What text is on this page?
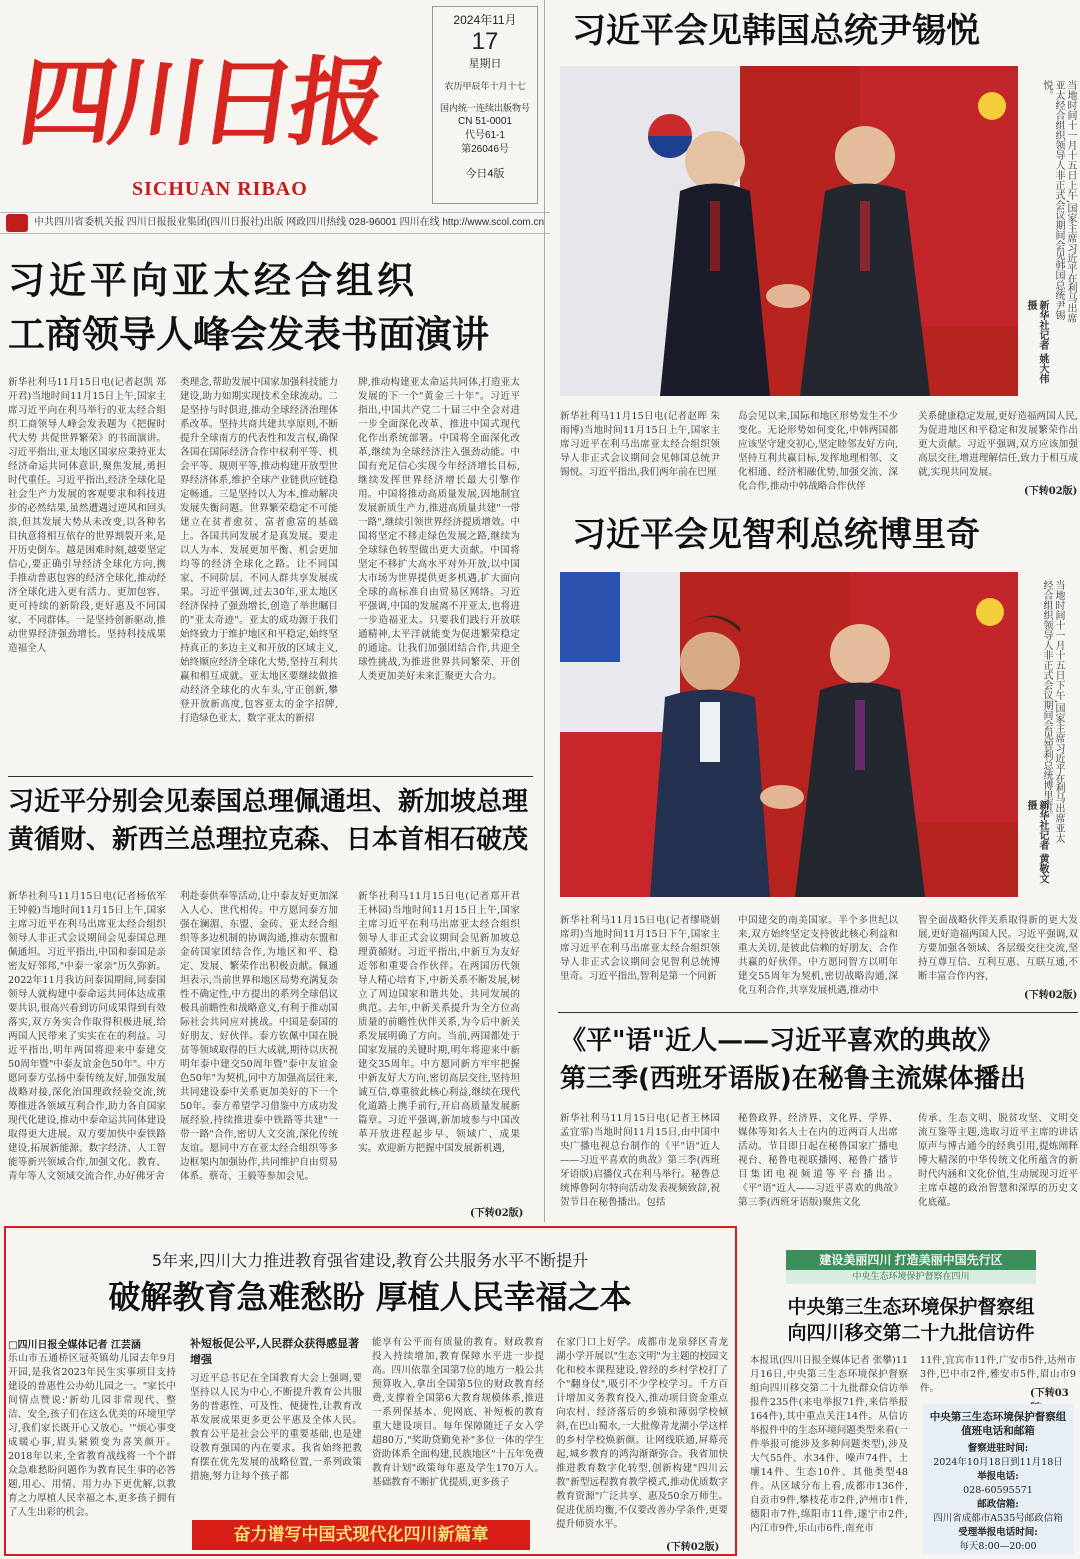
四川日报
SICHUAN RIBAO
2024年11月
17
星期日
农历甲辰年十月十七
国内统一连续出版物号
CN 51-0001
代号61-1
第26046号
今日4版
中共四川省委机关报 四川日报报业集团(四川日报社)出版 网政四川热线 028-96001 四川在线 http://www.scol.com.cn
习近平向亚太经合组织
工商领导人峰会发表书面演讲
新华社利马11月15日电(记者赵凯 郑开君)当地时间11月15日上午,国家主席习近平向在利马举行的亚太经合组织工商领导人峰会发表题为《把握时代大势 共促世界繁荣》的书面演讲。习近平指出,亚太地区国家应秉持亚太经济命运共同体意识,聚焦发展,勇担时代重任。习近平指出,经济全球化是社会生产力发展的客观要求和科技进步的必然结果,虽然遭遇过逆风和回头浪,但其发展大势从未改变,以各种名目执意将相互依存的世界割裂开来,是开历史倒车。越是困难时刻,越要坚定信心,要正确引导经济全球化方向,携手推动普惠包容的经济全球化,推动经济全球化进入更有活力、更加包容、更可持续的新阶段,更好惠及不同国家、不同群体。一是坚持创新驱动,推动世界经济强劲增长。坚持科技成果造福全人
类理念,帮助发展中国家加强科技能力建设,助力如期实现技术全球流动。二是坚持与时俱进,推动全球经济治理体系改革。坚持共商共建共享原则,不断提升全球南方的代表性和发言权,确保各国在国际经济合作中权利平等、机会平等、规则平等,推动构建开放型世界经济体系,维护全球产业链供应链稳定畅通。三是坚持以人为本,推动解决发展失衡问题。世界繁荣稳定不可能建立在贫者愈贫、富者愈富的基础上。各国共同发展才是真发展。要走以人为本、发展更加平衡、机会更加均等的经济全球化之路。让不同国家、不同阶层、不同人群共享发展成果。习近平强调,过去30年,亚太地区经济保持了强劲增长,创造了举世瞩目的"亚太奇迹"。亚太的成功源于我们始终致力于维护地区和平稳定,始终坚持真正的多边主义和开放的区域主义,始终顺应经济全球化大势,坚持互利共赢和相互成就。亚太地区要继续做推动经济全球化的火车头,守正创新,攀登开放新高度,包容亚太的金字招牌,打造绿色亚太、数字亚太的新招
牌,推动构建亚太命运共同体,打造亚太发展的下一个"黄金三十年"。习近平指出,中国共产党二十届三中全会对进一步全面深化改革、推进中国式现代化作出系统部署。中国将全面深化改革,继续为全球经济注入强劲动能。中国有充足信心实现今年经济增长目标,继续发挥世界经济增长最大引擎作用。中国将推动高质量发展,因地制宜发展新质生产力,推进高质量共建"一带一路",继续引领世界经济提质增效。中国将坚定不移走绿色发展之路,继续为全球绿色转型做出更大贡献。中国将坚定不移扩大高水平对外开放,以中国大市场为世界提供更多机遇,扩大面向全球的高标准自由贸易区网络。习近平强调,中国的发展离不开亚太,也将进一步造福亚太。只要我们践行开放联通精神,太平洋就能变为促进繁荣稳定的通途。让我们加强团结合作,共迎全球性挑战,为推进世界共同繁荣、开创人类更加美好未来汇聚更大合力。
习近平分别会见泰国总理佩通坦、新加坡总理
黄循财、新西兰总理拉克森、日本首相石破茂
新华社利马11月15日电(记者杨依军 王钟毅)当地时间11月15日上午,国家主席习近平在利马出席亚太经合组织领导人非正式会议期间会见泰国总理佩通坦。习近平指出,中国和泰国是亲密友好邻邦,"中泰一家亲"历久弥新。2022年11月我访问泰国期间,同泰国领导人就构建中泰命运共同体达成重要共识,很高兴看到访问成果得到有效落实,双方务实合作取得积极进展,给两国人民带来了实实在在的利益。习近平指出,明年两国将迎来中泰建交50周年暨"中泰友谊金色50年"。中方愿同泰方弘扬中泰传统友好,加强发展战略对接,深化治国理政经验交流,统筹推进各领域互利合作,助力各自国家现代化建设,推动中泰命运共同体建设取得更大进展。双方要加快中泰铁路建设,拓展新能源、数字经济、人工智能等新兴领域合作,加强文化、教育、青年等人文领域交流合作,办好佛牙舍
利赴泰供奉等活动,让中泰友好更加深入人心、世代相传。中方愿同泰方加强在澜湄、东盟、金砖、亚太经合组织等多边机制的协调沟通,推动东盟和金砖国家团结合作,为地区和平、稳定、发展、繁荣作出积极贡献。佩通坦表示,当前世界和地区局势充满复杂性不确定性,中方提出的系列全球倡议极具前瞻性和战略意义,有利于推动国际社会共同应对挑战。中国是泰国的好朋友、好伙伴。泰方钦佩中国在脱贫等领域取得的巨大成就,期待以庆祝明年泰中建交50周年暨"泰中友谊金色50年"为契机,同中方加强高层往来,共同建设泰中关系更加美好的下一个50年。泰方希望学习借鉴中方成功发展经验,持续推进泰中铁路等共建"一带一路"合作,密切人文交流,深化传统友谊。愿同中方在亚太经合组织等多边框架内加强协作,共同维护自由贸易体系。蔡奇、王毅等参加会见。
新华社利马11月15日电(记者郑开君 王林园)当地时间11月15日上午,国家主席习近平在利马出席亚太经合组织领导人非正式会议期间会见新加坡总理黄循财。习近平指出,中新互为友好近邻和重要合作伙伴。在两国历代领导人精心培育下,中新关系不断发展,树立了周边国家和谐共处、共同发展的典范。去年,中新关系提升为全方位高质量的前瞻性伙伴关系,为今后中新关系发展明确了方向。当前,两国都处于国家发展的关键时期,明年将迎来中新建交35周年。中方愿同新方牢牢把握中新友好大方向,密切高层交往,坚持坦诚互信,尊重彼此核心利益,继续在现代化道路上携手前行,开启高质量发展新篇章。习近平强调,新加坡参与中国改革开放进程起步早、领域广、成果实。欢迎新方把握中国发展新机遇,
(下转02版)
习近平会见韩国总统尹锡悦
当地时间十一月十五日上午,国家主席习近平在利马出席亚太经合组织领导人非正式会议期间会见韩国总统尹锡悦。
新华社记者 姚大伟 摄
新华社利马11月15日电(记者赵晖 朱雨博)当地时间11月15日上午,国家主席习近平在利马出席亚太经合组织领导人非正式会议期间会见韩国总统尹锡悦。习近平指出,我们两年前在巴厘
岛会见以来,国际和地区形势发生不少变化。无论形势如何变化,中韩两国都应该坚守建交初心,坚定睦邻友好方向,坚持互利共赢目标,发挥地理相邻、文化相通、经济相融优势,加强交流、深化合作,推动中韩战略合作伙伴
关系健康稳定发展,更好造福两国人民,为促进地区和平稳定和发展繁荣作出更大贡献。习近平强调,双方应该加强高层交往,增进理解信任,致力于相互成就,实现共同发展。
(下转02版)
习近平会见智利总统博里奇
当地时间十一月十五日下午,国家主席习近平在利马出席亚太经合组织领导人非正式会议期间会见智利总统博里奇。
新华社记者 黄敬文 摄
新华社利马11月15日电(记者缪晓娟 席玥)当地时间11月15日下午,国家主席习近平在利马出席亚太经合组织领导人非正式会议期间会见智利总统博里奇。习近平指出,智利是第一个同新
中国建交的南美国家。半个多世纪以来,双方始终坚定支持彼此核心利益和重大关切,是彼此信赖的好朋友、合作共赢的好伙伴。中方愿同智方以明年建交55周年为契机,密切战略沟通,深化互利合作,共享发展机遇,推动中
智全面战略伙伴关系取得新的更大发展,更好造福两国人民。习近平强调,双方要加强各领域、各层级交往交流,坚持互尊互信、互利互惠、互联互通,不断丰富合作内容,
(下转02版)
《平"语"近人——习近平喜欢的典故》
第三季(西班牙语版)在秘鲁主流媒体播出
新华社利马11月15日电(记者王林园 孟宜霏)当地时间11月15日,由中国中央广播电视总台制作的《平"语"近人——习近平喜欢的典故》第三季(西班牙语版)启播仪式在利马举行。秘鲁总统博鲁阿尔特向活动发表视频致辞,祝贺节目在秘鲁播出。包括
秘鲁政界、经济界、文化界、学界、媒体等知名人士在内的近两百人出席活动。节目即日起在秘鲁国家广播电视台、秘鲁电视联播网、秘鲁广播节目集团电视频道等平台播出。《平"语"近人——习近平喜欢的典故》第三季(西班牙语版)聚焦文化
传承、生态文明、脱贫攻坚、文明交流互鉴等主题,选取习近平主席的讲话原声与博古通今的经典引用,提炼阐释博大精深的中华传统文化所蕴含的新时代内涵和文化价值,生动展现习近平主席卓越的政治智慧和深厚的历史文化底蕴。
5年来,四川大力推进教育强省建设,教育公共服务水平不断提升
破解教育急难愁盼 厚植人民幸福之本
□四川日报全媒体记者 江芸涵
乐山市五通桥区冠英镇幼儿园去年9月开园,是我省2023年民生实事项目支持建设的普惠性公办幼儿园之一。"家长中间情点赞说:'新幼儿园非常现代、整洁、安全,孩子们在这么优美的环境里学习,我们家长既开心又放心。'"烦心事变成暖心事,眉头紧锁变为喜笑颜开。2018年以来,全省教育战线将一个个群众急难愁盼问题作为教育民生事的必答题,用心、用情、用力办下更优解,以教育之力厚植人民幸福之本,更多孩子拥有了人生出彩的机会。
补短板促公平,人民群众获得感显著增强
习近平总书记在全国教育大会上强调,要坚持以人民为中心,不断提升教育公共服务的普惠性、可及性、便捷性,让教育改革发展成果更多更公平惠及全体人民。教育公平是社会公平的重要基础,也是建设教育强国的内在要求。我省始终把教育摆在优先发展的战略位置,一系列政策措施,努力让每个孩子都
能享有公平而有质量的教育。财政教育投入持续增加,教育保障水平进一步提高。四川依靠全国第7位的地方一般公共预算收入,拿出全国第5位的财政教育经费,支撑着全国第6大教育规模体系,推进一系列保基本、兜网底、补短板的教育重大建设项目。每年保障随迁子女入学超80万,"奖助贷勤免补"多位一体的学生资助体系全面构建,民族地区"十五年免费教育计划"政策每年惠及学生170万人。基础教育不断扩优提质,更多孩子
在家门口上好学。成都市龙泉驿区青龙湖小学开展以"生态文明"为主题的校园文化和校本课程建设,曾经的乡村学校打了个"翻身仗",吸引不少学校学习。千方百计增加义务教育投入,推动项目资金重点向农村、经济落后的乡镇和薄弱学校倾斜,在巴山蜀水,一大批像青龙湖小学这样的乡村学校焕新颜。让网线联通,屏幕亮起,城乡教育的鸿沟渐渐弥合。我省加快推进教育数字化转型,创新构建"四川云教"新型远程教育教学模式,推动优质数字教育资源"广泛共享、惠及50余万师生。促进优质均衡,不仅要改善办学条件,更要提升师资水平。
(下转02版)
奋力谱写中国式现代化四川新篇章
建设美丽四川 打造美丽中国先行区
中央生态环境保护督察在四川
中央第三生态环境保护督察组
向四川移交第二十九批信访件
本报讯(四川日报全媒体记者 张攀)11月16日,中央第三生态环境保护督察组向四川移交第二十九批群众信访举报件235件(来电举报71件,来信举报164件),其中重点关注14件。从信访举报件中的生态环境问题类型来看(一件举报可能涉及多种问题类型),涉及大气55件、水34件、噪声74件、土壤14件、生态10件、其他类型48件。从区域分布上看,成都市136件,自贡市9件,攀枝花市2件,泸州市1件,德阳市7件,绵阳市11件,遂宁市2件,内江市9件,乐山市6件,南充市
11件,宜宾市11件,广安市5件,达州市3件,巴中市2件,雅安市5件,眉山市9件。	(下转03
中央第三生态环境保护督察组
值班电话和邮箱
督察进驻时间:
2024年10月18日到11月18日
举报电话:
028-60595571
邮政信箱:
四川省成都市A535号邮政信箱
受理举报电话时间:
每天8:00—20:00
